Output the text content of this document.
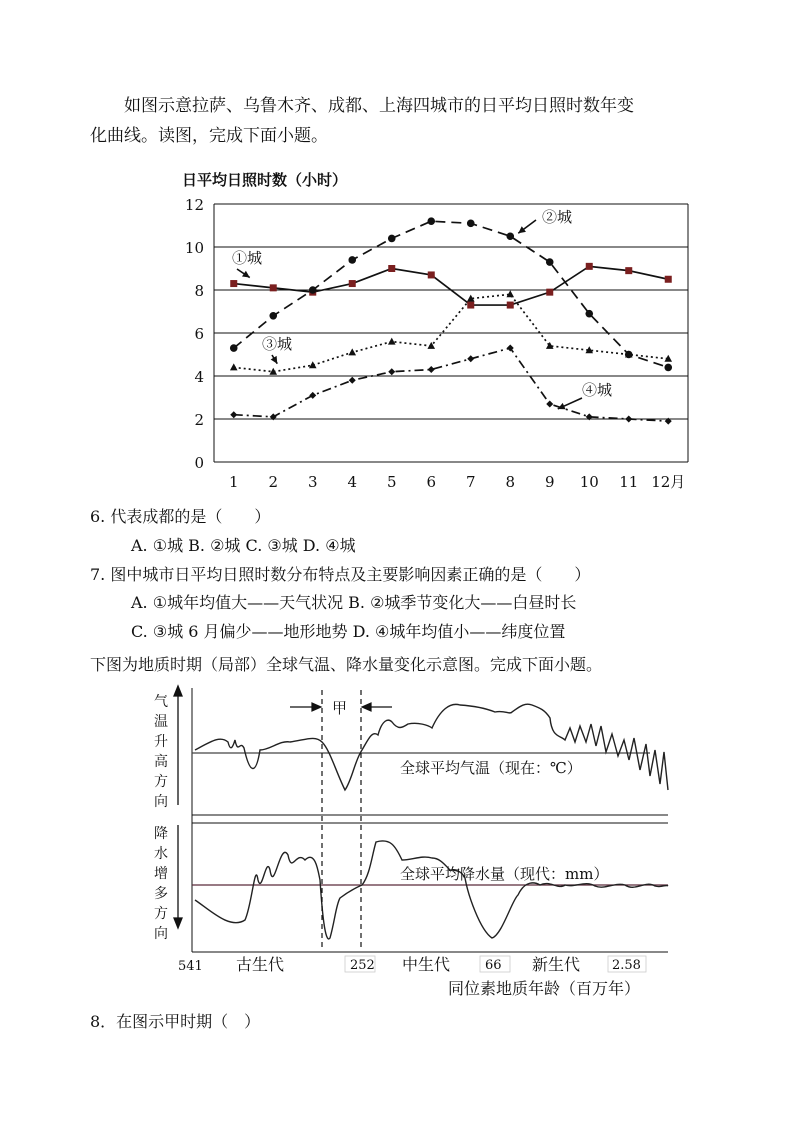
如图示意拉萨、乌鲁木齐、成都、上海四城市的日平均日照时数年变
化曲线。读图，完成下面小题。
日平均日照时数（小时）
0
2
4
6
8
10
12
1 2 3 4 5 6 7 8 9 10 11 12月
①城
②城
③城
④城
6. 代表成都的是（　　）
A. ①城 B. ②城 C. ③城 D. ④城
7. 图中城市日平均日照时数分布特点及主要影响因素正确的是（　　）
A. ①城年均值大——天气状况 B. ②城季节变化大——白昼时长
C. ③城 6 月偏少——地形地势 D. ④城年均值小——纬度位置
下图为地质时期（局部）全球气温、降水量变化示意图。完成下面小题。
气
温
升
高
方
向
降
水
增
多
方
向
甲
全球平均气温（现在：℃）
全球平均降水量（现代：mm）
541 古生代	252 中生代	66 新生代 2.58
同位素地质年龄（百万年）
8．在图示甲时期（　）
